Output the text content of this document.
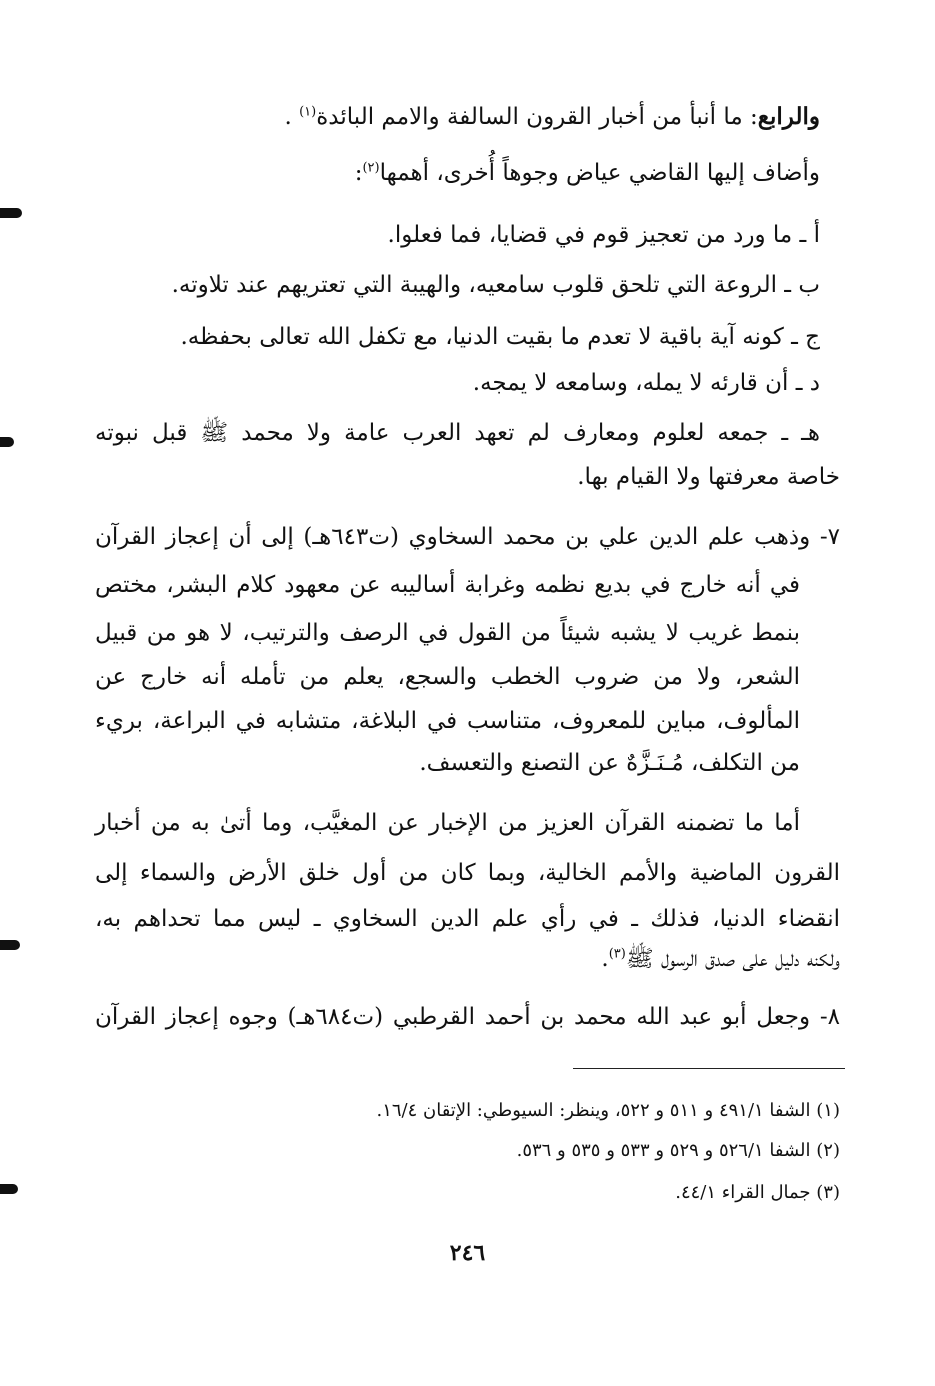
والرابع: ما أنبأ من أخبار القرون السالفة والامم البائدة$^{(١)}$ .
وأضاف إليها القاضي عياض وجوهاً أُخرى، أهمها$^{(٢)}$:
أ ـ ما ورد من تعجيز قوم في قضايا، فما فعلوا.
ب ـ الروعة التي تلحق قلوب سامعيه، والهيبة التي تعتريهم عند تلاوته.
ج ـ كونه آية باقية لا تعدم ما بقيت الدنيا، مع تكفل الله تعالى بحفظه.
د ـ أن قارئه لا يمله، وسامعه لا يمجه.
هـ ـ جمعه لعلوم ومعارف لم تعهد العرب عامة ولا محمد ﷺ قبل نبوته
خاصة معرفتها ولا القيام بها.
٧- وذهب علم الدين علي بن محمد السخاوي (ت٦٤٣هـ) إلى أن إعجاز القرآن
في أنه خارج في بديع نظمه وغرابة أساليبه عن معهود كلام البشر، مختص
بنمط غريب لا يشبه شيئاً من القول في الرصف والترتيب، لا هو من قبيل
الشعر، ولا من ضروب الخطب والسجع، يعلم من تأمله أنه خارج عن
المألوف، مباين للمعروف، متناسب في البلاغة، متشابه في البراعة، بريء
من التكلف، مُـنَـزَّهٌ عن التصنع والتعسف.
أما ما تضمنه القرآن العزيز من الإخبار عن المغيَّب، وما أتىٰ به من أخبار
القرون الماضية والأمم الخالية، وبما كان من أول خلق الأرض والسماء إلى
انقضاء الدنيا، فذلك ـ في رأي علم الدين السخاوي ـ ليس مما تحداهم به،
ولكنه دليل على صدق الرسول ﷺ$^{(٣)}$.
٨- وجعل أبو عبد الله محمد بن أحمد القرطبي (ت٦٨٤هـ) وجوه إعجاز القرآن
(١) الشفا ٤٩١/١ و ٥١١ و ٥٢٢، وينظر: السيوطي: الإتقان ١٦/٤.
(٢) الشفا ٥٢٦/١ و ٥٢٩ و ٥٣٣ و ٥٣٥ و ٥٣٦.
(٣) جمال القراء ٤٤/١.
٢٤٦
